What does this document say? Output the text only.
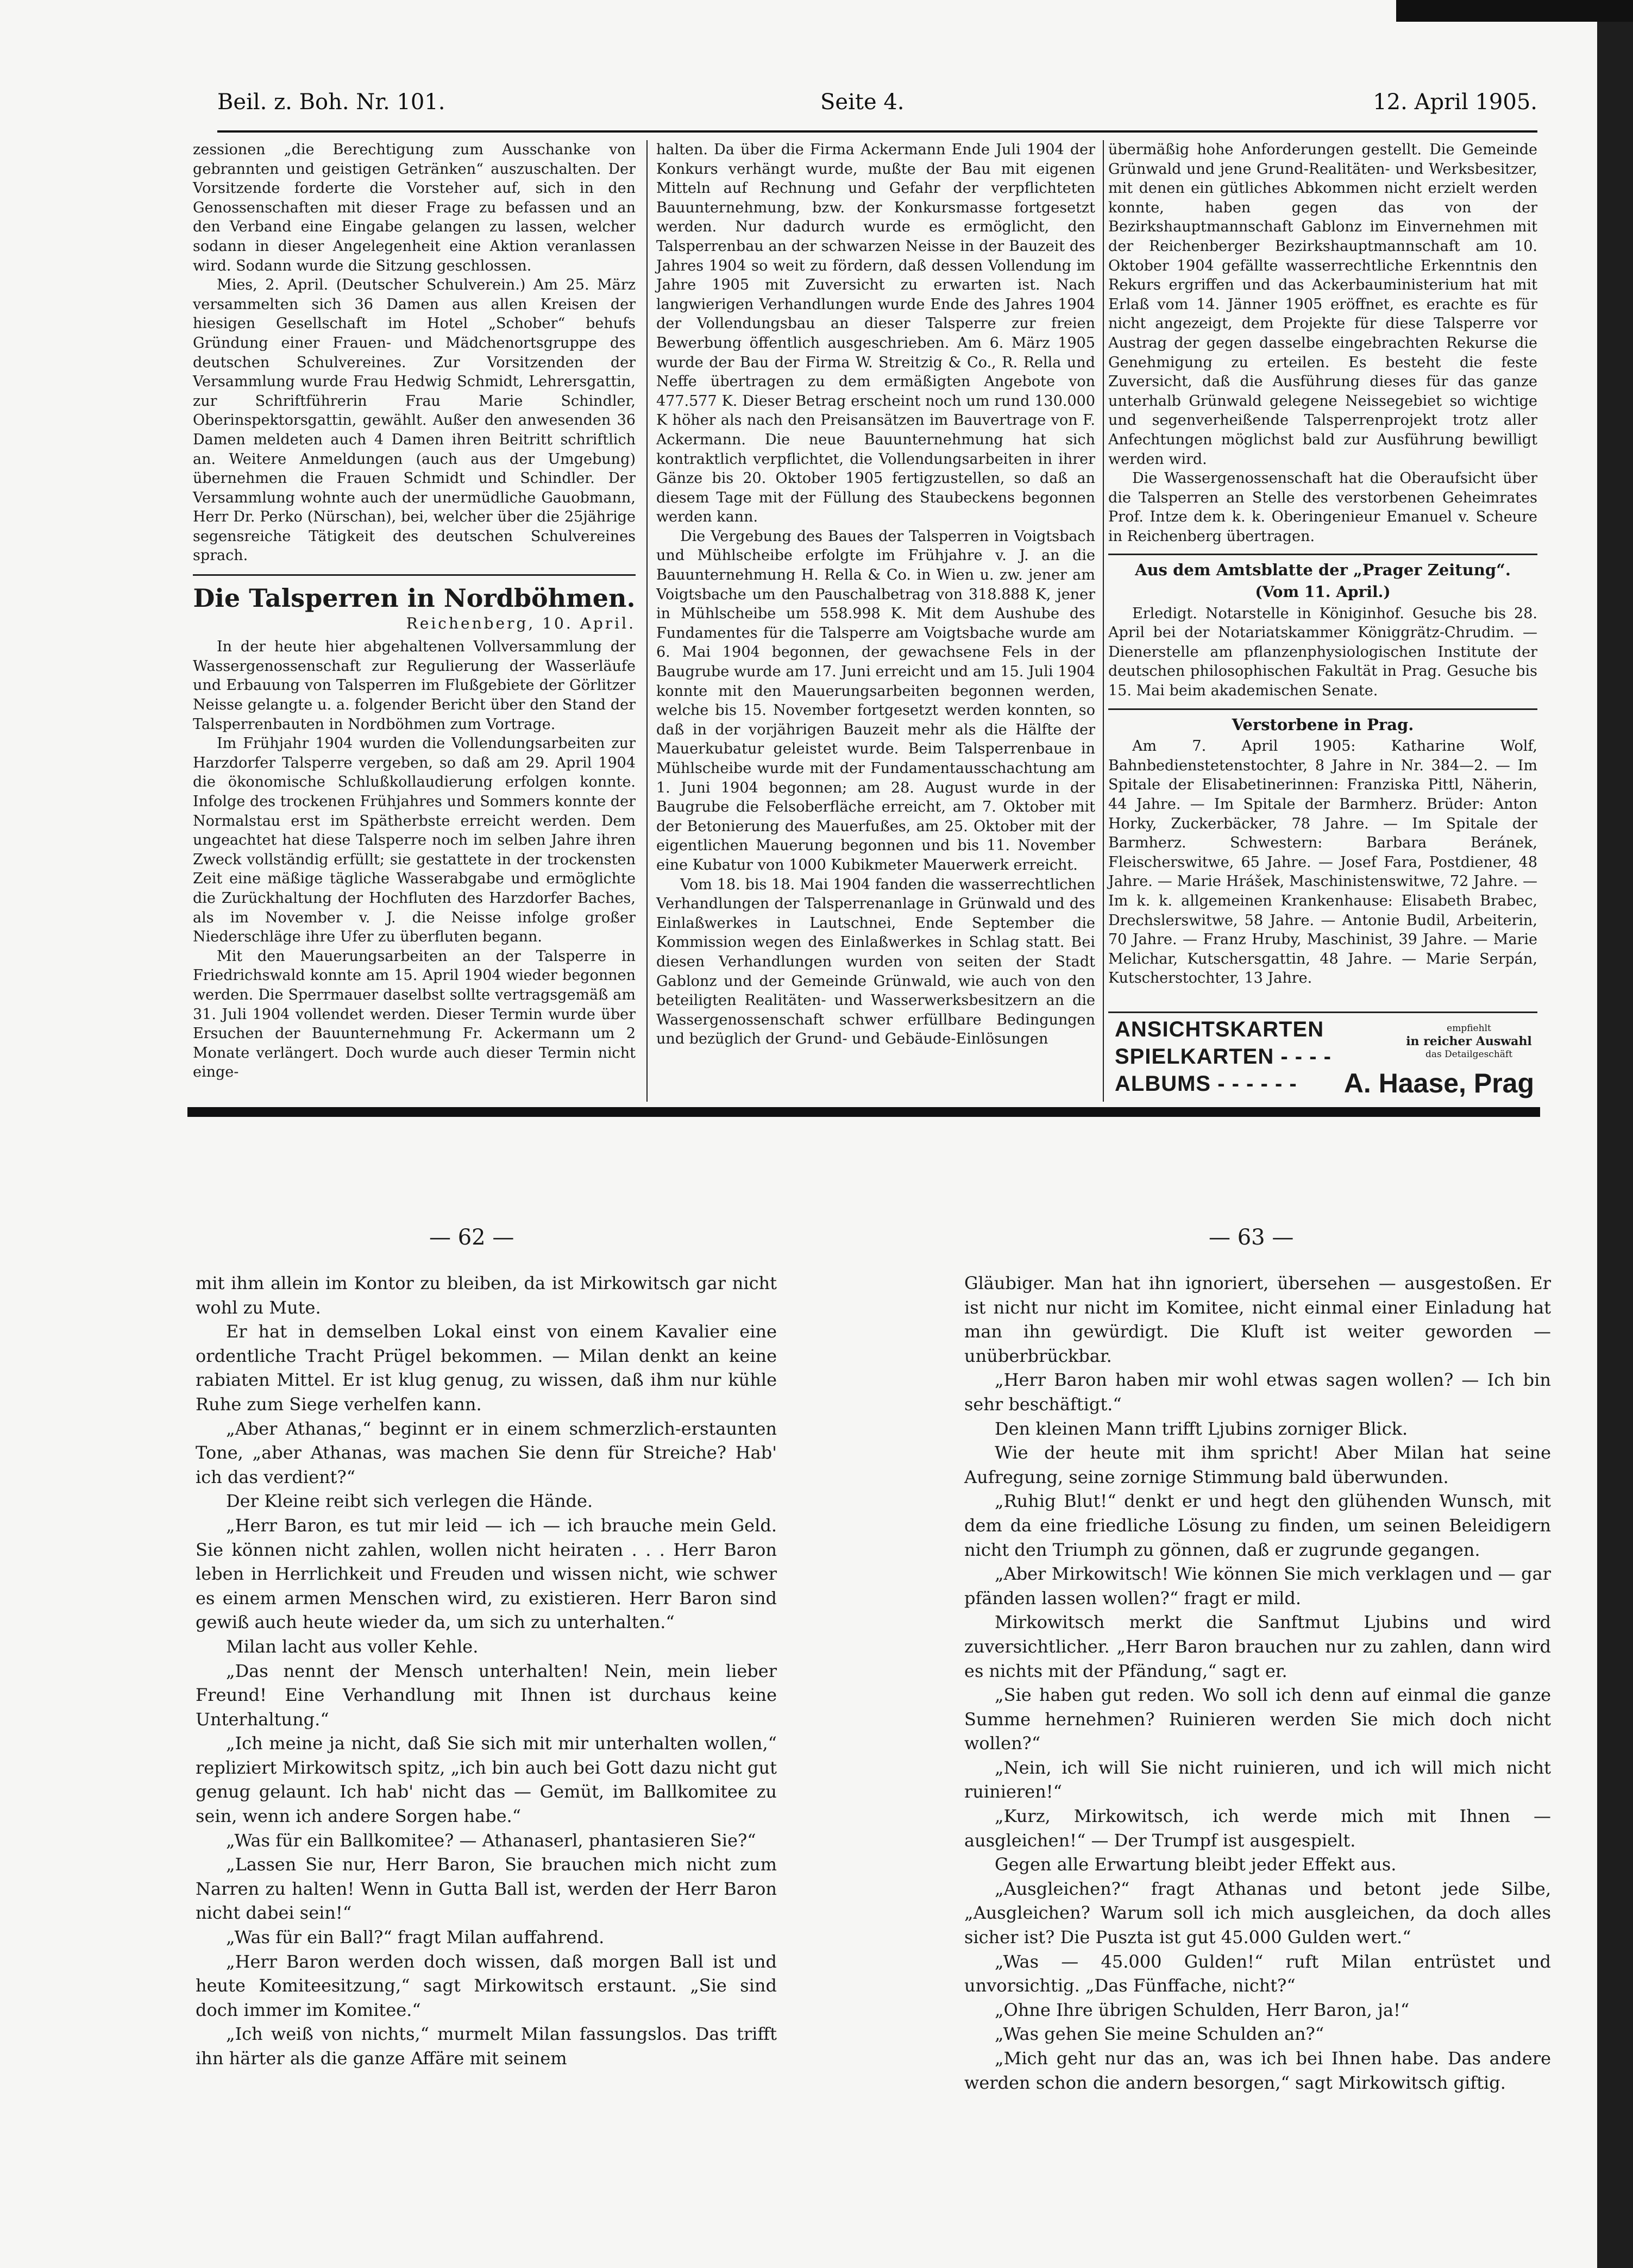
Beil. z. Boh. Nr. 101.	Seite 4.	12. April 1905.

zessionen „die Berechtigung zum Ausschanke von gebrannten und geistigen Getränken“ auszuschalten. Der Vorsitzende forderte die Vorsteher auf, sich in den Genossenschaften mit dieser Frage zu befassen und an den Verband eine Eingabe gelangen zu lassen, welcher sodann in dieser Angelegenheit eine Aktion veranlassen wird. Sodann wurde die Sitzung geschlossen.

Mies, 2. April. (Deutscher Schulverein.) Am 25. März versammelten sich 36 Damen aus allen Kreisen der hiesigen Gesellschaft im Hotel „Schober“ behufs Gründung einer Frauen- und Mädchenortsgruppe des deutschen Schulvereines. Zur Vorsitzenden der Versammlung wurde Frau Hedwig Schmidt, Lehrersgattin, zur Schriftführerin Frau Marie Schindler, Oberinspektorsgattin, gewählt. Außer den anwesenden 36 Damen meldeten auch 4 Damen ihren Beitritt schriftlich an. Weitere Anmeldungen (auch aus der Umgebung) übernehmen die Frauen Schmidt und Schindler. Der Versammlung wohnte auch der unermüdliche Gauobmann, Herr Dr. Perko (Nürschan), bei, welcher über die 25jährige segensreiche Tätigkeit des deutschen Schulvereines sprach.

Die Talsperren in Nordböhmen.
Reichenberg, 10. April.

In der heute hier abgehaltenen Vollversammlung der Wassergenossenschaft zur Regulierung der Wasserläufe und Erbauung von Talsperren im Flußgebiete der Görlitzer Neisse gelangte u. a. folgender Bericht über den Stand der Talsperrenbauten in Nordböhmen zum Vortrage.

Im Frühjahr 1904 wurden die Vollendungsarbeiten zur Harzdorfer Talsperre vergeben, so daß am 29. April 1904 die ökonomische Schlußkollaudierung erfolgen konnte. Infolge des trockenen Frühjahres und Sommers konnte der Normalstau erst im Spätherbste erreicht werden. Dem ungeachtet hat diese Talsperre noch im selben Jahre ihren Zweck vollständig erfüllt; sie gestattete in der trockensten Zeit eine mäßige tägliche Wasserabgabe und ermöglichte die Zurückhaltung der Hochfluten des Harzdorfer Baches, als im November v. J. die Neisse infolge großer Niederschläge ihre Ufer zu überfluten begann.

Mit den Mauerungsarbeiten an der Talsperre in Friedrichswald konnte am 15. April 1904 wieder begonnen werden. Die Sperrmauer daselbst sollte vertragsgemäß am 31. Juli 1904 vollendet werden. Dieser Termin wurde über Ersuchen der Bauunternehmung Fr. Ackermann um 2 Monate verlängert. Doch wurde auch dieser Termin nicht einge-

halten. Da über die Firma Ackermann Ende Juli 1904 der Konkurs verhängt wurde, mußte der Bau mit eigenen Mitteln auf Rechnung und Gefahr der verpflichteten Bauunternehmung, bzw. der Konkursmasse fortgesetzt werden. Nur dadurch wurde es ermöglicht, den Talsperrenbau an der schwarzen Neisse in der Bauzeit des Jahres 1904 so weit zu fördern, daß dessen Vollendung im Jahre 1905 mit Zuversicht zu erwarten ist. Nach langwierigen Verhandlungen wurde Ende des Jahres 1904 der Vollendungsbau an dieser Talsperre zur freien Bewerbung öffentlich ausgeschrieben. Am 6. März 1905 wurde der Bau der Firma W. Streitzig & Co., R. Rella und Neffe übertragen zu dem ermäßigten Angebote von 477.577 K. Dieser Betrag erscheint noch um rund 130.000 K höher als nach den Preisansätzen im Bauvertrage von F. Ackermann. Die neue Bauunternehmung hat sich kontraktlich verpflichtet, die Vollendungsarbeiten in ihrer Gänze bis 20. Oktober 1905 fertigzustellen, so daß an diesem Tage mit der Füllung des Staubeckens begonnen werden kann.

Die Vergebung des Baues der Talsperren in Voigtsbach und Mühlscheibe erfolgte im Frühjahre v. J. an die Bauunternehmung H. Rella & Co. in Wien u. zw. jener am Voigtsbache um den Pauschalbetrag von 318.888 K, jener in Mühlscheibe um 558.998 K. Mit dem Aushube des Fundamentes für die Talsperre am Voigtsbache wurde am 6. Mai 1904 begonnen, der gewachsene Fels in der Baugrube wurde am 17. Juni erreicht und am 15. Juli 1904 konnte mit den Mauerungsarbeiten begonnen werden, welche bis 15. November fortgesetzt werden konnten, so daß in der vorjährigen Bauzeit mehr als die Hälfte der Mauerkubatur geleistet wurde. Beim Talsperrenbaue in Mühlscheibe wurde mit der Fundamentausschachtung am 1. Juni 1904 begonnen; am 28. August wurde in der Baugrube die Felsoberfläche erreicht, am 7. Oktober mit der Betonierung des Mauerfußes, am 25. Oktober mit der eigentlichen Mauerung begonnen und bis 11. November eine Kubatur von 1000 Kubikmeter Mauerwerk erreicht.

Vom 18. bis 18. Mai 1904 fanden die wasserrechtlichen Verhandlungen der Talsperrenanlage in Grünwald und des Einlaßwerkes in Lautschnei, Ende September die Kommission wegen des Einlaßwerkes in Schlag statt. Bei diesen Verhandlungen wurden von seiten der Stadt Gablonz und der Gemeinde Grünwald, wie auch von den beteiligten Realitäten- und Wasserwerksbesitzern an die Wassergenossenschaft schwer erfüllbare Bedingungen und bezüglich der Grund- und Gebäude-Einlösungen

übermäßig hohe Anforderungen gestellt. Die Gemeinde Grünwald und jene Grund-Realitäten- und Werksbesitzer, mit denen ein gütliches Abkommen nicht erzielt werden konnte, haben gegen das von der Bezirkshauptmannschaft Gablonz im Einvernehmen mit der Reichenberger Bezirkshauptmannschaft am 10. Oktober 1904 gefällte wasserrechtliche Erkenntnis den Rekurs ergriffen und das Ackerbauministerium hat mit Erlaß vom 14. Jänner 1905 eröffnet, es erachte es für nicht angezeigt, dem Projekte für diese Talsperre vor Austrag der gegen dasselbe eingebrachten Rekurse die Genehmigung zu erteilen. Es besteht die feste Zuversicht, daß die Ausführung dieses für das ganze unterhalb Grünwald gelegene Neissegebiet so wichtige und segenverheißende Talsperrenprojekt trotz aller Anfechtungen möglichst bald zur Ausführung bewilligt werden wird.

Die Wassergenossenschaft hat die Oberaufsicht über die Talsperren an Stelle des verstorbenen Geheimrates Prof. Intze dem k. k. Oberingenieur Emanuel v. Scheure in Reichenberg übertragen.

Aus dem Amtsblatte der „Prager Zeitung“.
(Vom 11. April.)

Erledigt. Notarstelle in Königinhof. Gesuche bis 28. April bei der Notariatskammer Königgrätz-Chrudim. — Dienerstelle am pflanzenphysiologischen Institute der deutschen philosophischen Fakultät in Prag. Gesuche bis 15. Mai beim akademischen Senate.

Verstorbene in Prag.

Am 7. April 1905: Katharine Wolf, Bahnbedienstetenstochter, 8 Jahre in Nr. 384—2. — Im Spitale der Elisabetinerinnen: Franziska Pittl, Näherin, 44 Jahre. — Im Spitale der Barmherz. Brüder: Anton Horky, Zuckerbäcker, 78 Jahre. — Im Spitale der Barmherz. Schwestern: Barbara Beránek, Fleischerswitwe, 65 Jahre. — Josef Fara, Postdiener, 48 Jahre. — Marie Hrášek, Maschinistenswitwe, 72 Jahre. — Im k. k. allgemeinen Krankenhause: Elisabeth Brabec, Drechslerswitwe, 58 Jahre. — Antonie Budil, Arbeiterin, 70 Jahre. — Franz Hruby, Maschinist, 39 Jahre. — Marie Melichar, Kutschersgattin, 48 Jahre. — Marie Serpán, Kutscherstochter, 13 Jahre.

ANSICHTSKARTEN
SPIELKARTEN - - - -
ALBUMS - - - - - -
empfiehlt
in reicher Auswahl
das Detailgeschäft
A. Haase, Prag
— 62 —	— 63 —

mit ihm allein im Kontor zu bleiben, da ist Mirkowitsch gar nicht wohl zu Mute.

Er hat in demselben Lokal einst von einem Kavalier eine ordentliche Tracht Prügel bekommen. — Milan denkt an keine rabiaten Mittel. Er ist klug genug, zu wissen, daß ihm nur kühle Ruhe zum Siege verhelfen kann.

„Aber Athanas,“ beginnt er in einem schmerzlich-erstaunten Tone, „aber Athanas, was machen Sie denn für Streiche? Hab' ich das verdient?“

Der Kleine reibt sich verlegen die Hände.

„Herr Baron, es tut mir leid — ich — ich brauche mein Geld. Sie können nicht zahlen, wollen nicht heiraten . . . Herr Baron leben in Herrlichkeit und Freuden und wissen nicht, wie schwer es einem armen Menschen wird, zu existieren. Herr Baron sind gewiß auch heute wieder da, um sich zu unterhalten.“

Milan lacht aus voller Kehle.

„Das nennt der Mensch unterhalten! Nein, mein lieber Freund! Eine Verhandlung mit Ihnen ist durchaus keine Unterhaltung.“

„Ich meine ja nicht, daß Sie sich mit mir unterhalten wollen,“ repliziert Mirkowitsch spitz, „ich bin auch bei Gott dazu nicht gut genug gelaunt. Ich hab' nicht das — Gemüt, im Ballkomitee zu sein, wenn ich andere Sorgen habe.“

„Was für ein Ballkomitee? — Athanaserl, phantasieren Sie?“

„Lassen Sie nur, Herr Baron, Sie brauchen mich nicht zum Narren zu halten! Wenn in Gutta Ball ist, werden der Herr Baron nicht dabei sein!“

„Was für ein Ball?“ fragt Milan auffahrend.

„Herr Baron werden doch wissen, daß morgen Ball ist und heute Komiteesitzung,“ sagt Mirkowitsch erstaunt. „Sie sind doch immer im Komitee.“

„Ich weiß von nichts,“ murmelt Milan fassungslos. Das trifft ihn härter als die ganze Affäre mit seinem

Gläubiger. Man hat ihn ignoriert, übersehen — ausgestoßen. Er ist nicht nur nicht im Komitee, nicht einmal einer Einladung hat man ihn gewürdigt. Die Kluft ist weiter geworden — unüberbrückbar.

„Herr Baron haben mir wohl etwas sagen wollen? — Ich bin sehr beschäftigt.“

Den kleinen Mann trifft Ljubins zorniger Blick.

Wie der heute mit ihm spricht! Aber Milan hat seine Aufregung, seine zornige Stimmung bald überwunden.

„Ruhig Blut!“ denkt er und hegt den glühenden Wunsch, mit dem da eine friedliche Lösung zu finden, um seinen Beleidigern nicht den Triumph zu gönnen, daß er zugrunde gegangen.

„Aber Mirkowitsch! Wie können Sie mich verklagen und — gar pfänden lassen wollen?“ fragt er mild.

Mirkowitsch merkt die Sanftmut Ljubins und wird zuversichtlicher. „Herr Baron brauchen nur zu zahlen, dann wird es nichts mit der Pfändung,“ sagt er.

„Sie haben gut reden. Wo soll ich denn auf einmal die ganze Summe hernehmen? Ruinieren werden Sie mich doch nicht wollen?“

„Nein, ich will Sie nicht ruinieren, und ich will mich nicht ruinieren!“

„Kurz, Mirkowitsch, ich werde mich mit Ihnen — ausgleichen!“ — Der Trumpf ist ausgespielt.

Gegen alle Erwartung bleibt jeder Effekt aus.

„Ausgleichen?“ fragt Athanas und betont jede Silbe, „Ausgleichen? Warum soll ich mich ausgleichen, da doch alles sicher ist? Die Puszta ist gut 45.000 Gulden wert.“

„Was — 45.000 Gulden!“ ruft Milan entrüstet und unvorsichtig. „Das Fünffache, nicht?“

„Ohne Ihre übrigen Schulden, Herr Baron, ja!“

„Was gehen Sie meine Schulden an?“

„Mich geht nur das an, was ich bei Ihnen habe. Das andere werden schon die andern besorgen,“ sagt Mirkowitsch giftig.
